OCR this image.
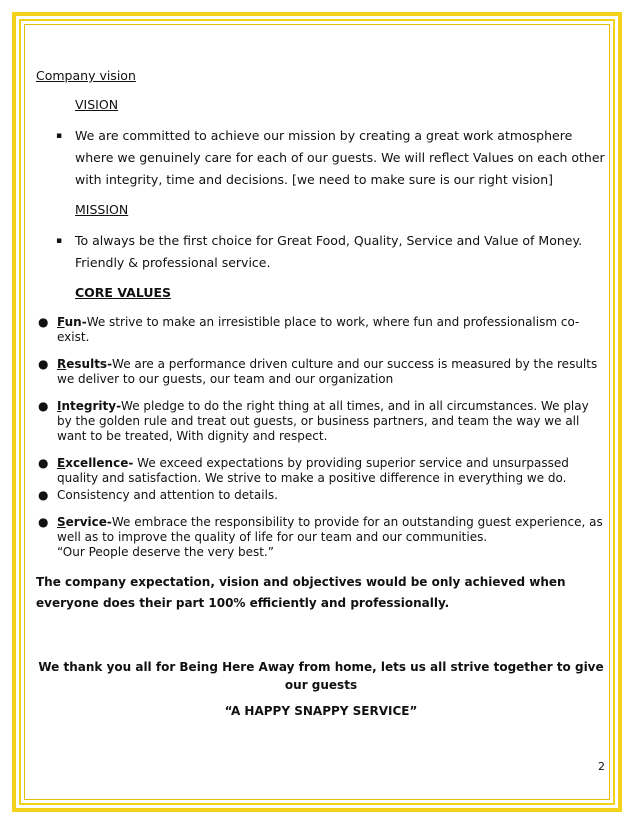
Company vision

VISION

▪ We are committed to achieve our mission by creating a great work atmosphere where we genuinely care for each of our guests. We will reflect Values on each other with integrity, time and decisions. [we need to make sure is our right vision]

MISSION

▪ To always be the first choice for Great Food, Quality, Service and Value of Money. Friendly & professional service.

CORE VALUES

● Fun-We strive to make an irresistible place to work, where fun and professionalism co-exist.
● Results-We are a performance driven culture and our success is measured by the results we deliver to our guests, our team and our organization
● Integrity-We pledge to do the right thing at all times, and in all circumstances. We play by the golden rule and treat out guests, or business partners, and team the way we all want to be treated, With dignity and respect.
● Excellence- We exceed expectations by providing superior service and unsurpassed quality and satisfaction. We strive to make a positive difference in everything we do.
● Consistency and attention to details.
● Service-We embrace the responsibility to provide for an outstanding guest experience, as well as to improve the quality of life for our team and our communities.
“Our People deserve the very best.”

The company expectation, vision and objectives would be only achieved when everyone does their part 100% efficiently and professionally.

We thank you all for Being Here Away from home, lets us all strive together to give our guests
“A HAPPY SNAPPY SERVICE”
2
